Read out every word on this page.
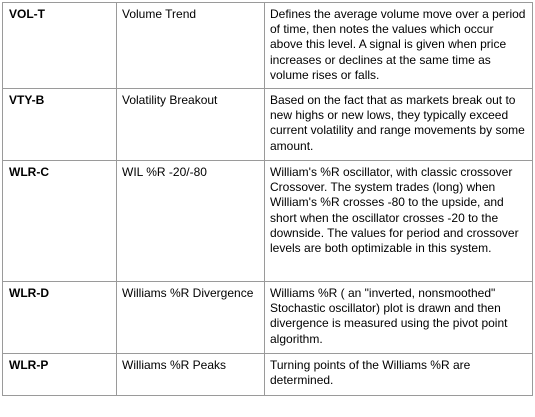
VOL-T	Volume Trend	Defines the average volume move over a period of time, then notes the values which occur above this level. A signal is given when price increases or declines at the same time as volume rises or falls.
VTY-B	Volatility Breakout	Based on the fact that as markets break out to new highs or new lows, they typically exceed current volatility and range movements by some amount.
WLR-C	WIL %R -20/-80	William's %R oscillator, with classic crossover Crossover. The system trades (long) when William's %R crosses -80 to the upside, and short when the oscillator crosses -20 to the downside. The values for period and crossover levels are both optimizable in this system.
WLR-D	Williams %R Divergence	Williams %R ( an "inverted, nonsmoothed" Stochastic oscillator) plot is drawn and then divergence is measured using the pivot point algorithm.
WLR-P	Williams %R Peaks	Turning points of the Williams %R are determined.
